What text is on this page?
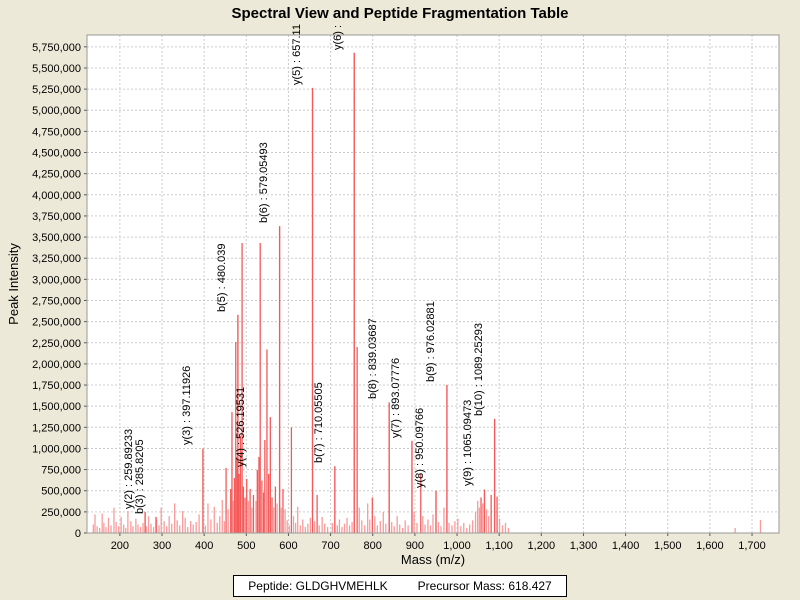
Spectral View and Peptide Fragmentation Table
200 300 400 500 600 700 800 900 1,000 1,100 1,200 1,300 1,400 1,500 1,600 1,700
0
250,000
500,000
750,000
1,000,000
1,250,000
1,500,000
1,750,000
2,000,000
2,250,000
2,500,000
2,750,000
3,000,000
3,250,000
3,500,000
3,750,000
4,000,000
4,250,000
4,500,000
4,750,000
5,000,000
5,250,000
5,500,000
5,750,000
y(2) : 259.89233
b(3) : 285.8205
y(3) : 397.11926
b(5) : 480.039
y(4) : 526.19531
b(6) : 579.05493
y(5) : 657.11
b(7) : 710.05505
y(6) :
b(8) : 839.03687 y(7) : 893.07776
y(8) : 950.09766
b(9) : 976.02881
y(9) : 1065.09473
b(10) : 1089.25293
Mass (m/z)
Peak Intensity
Peptide: GLDGHVMEHLK	Precursor Mass: 618.427
